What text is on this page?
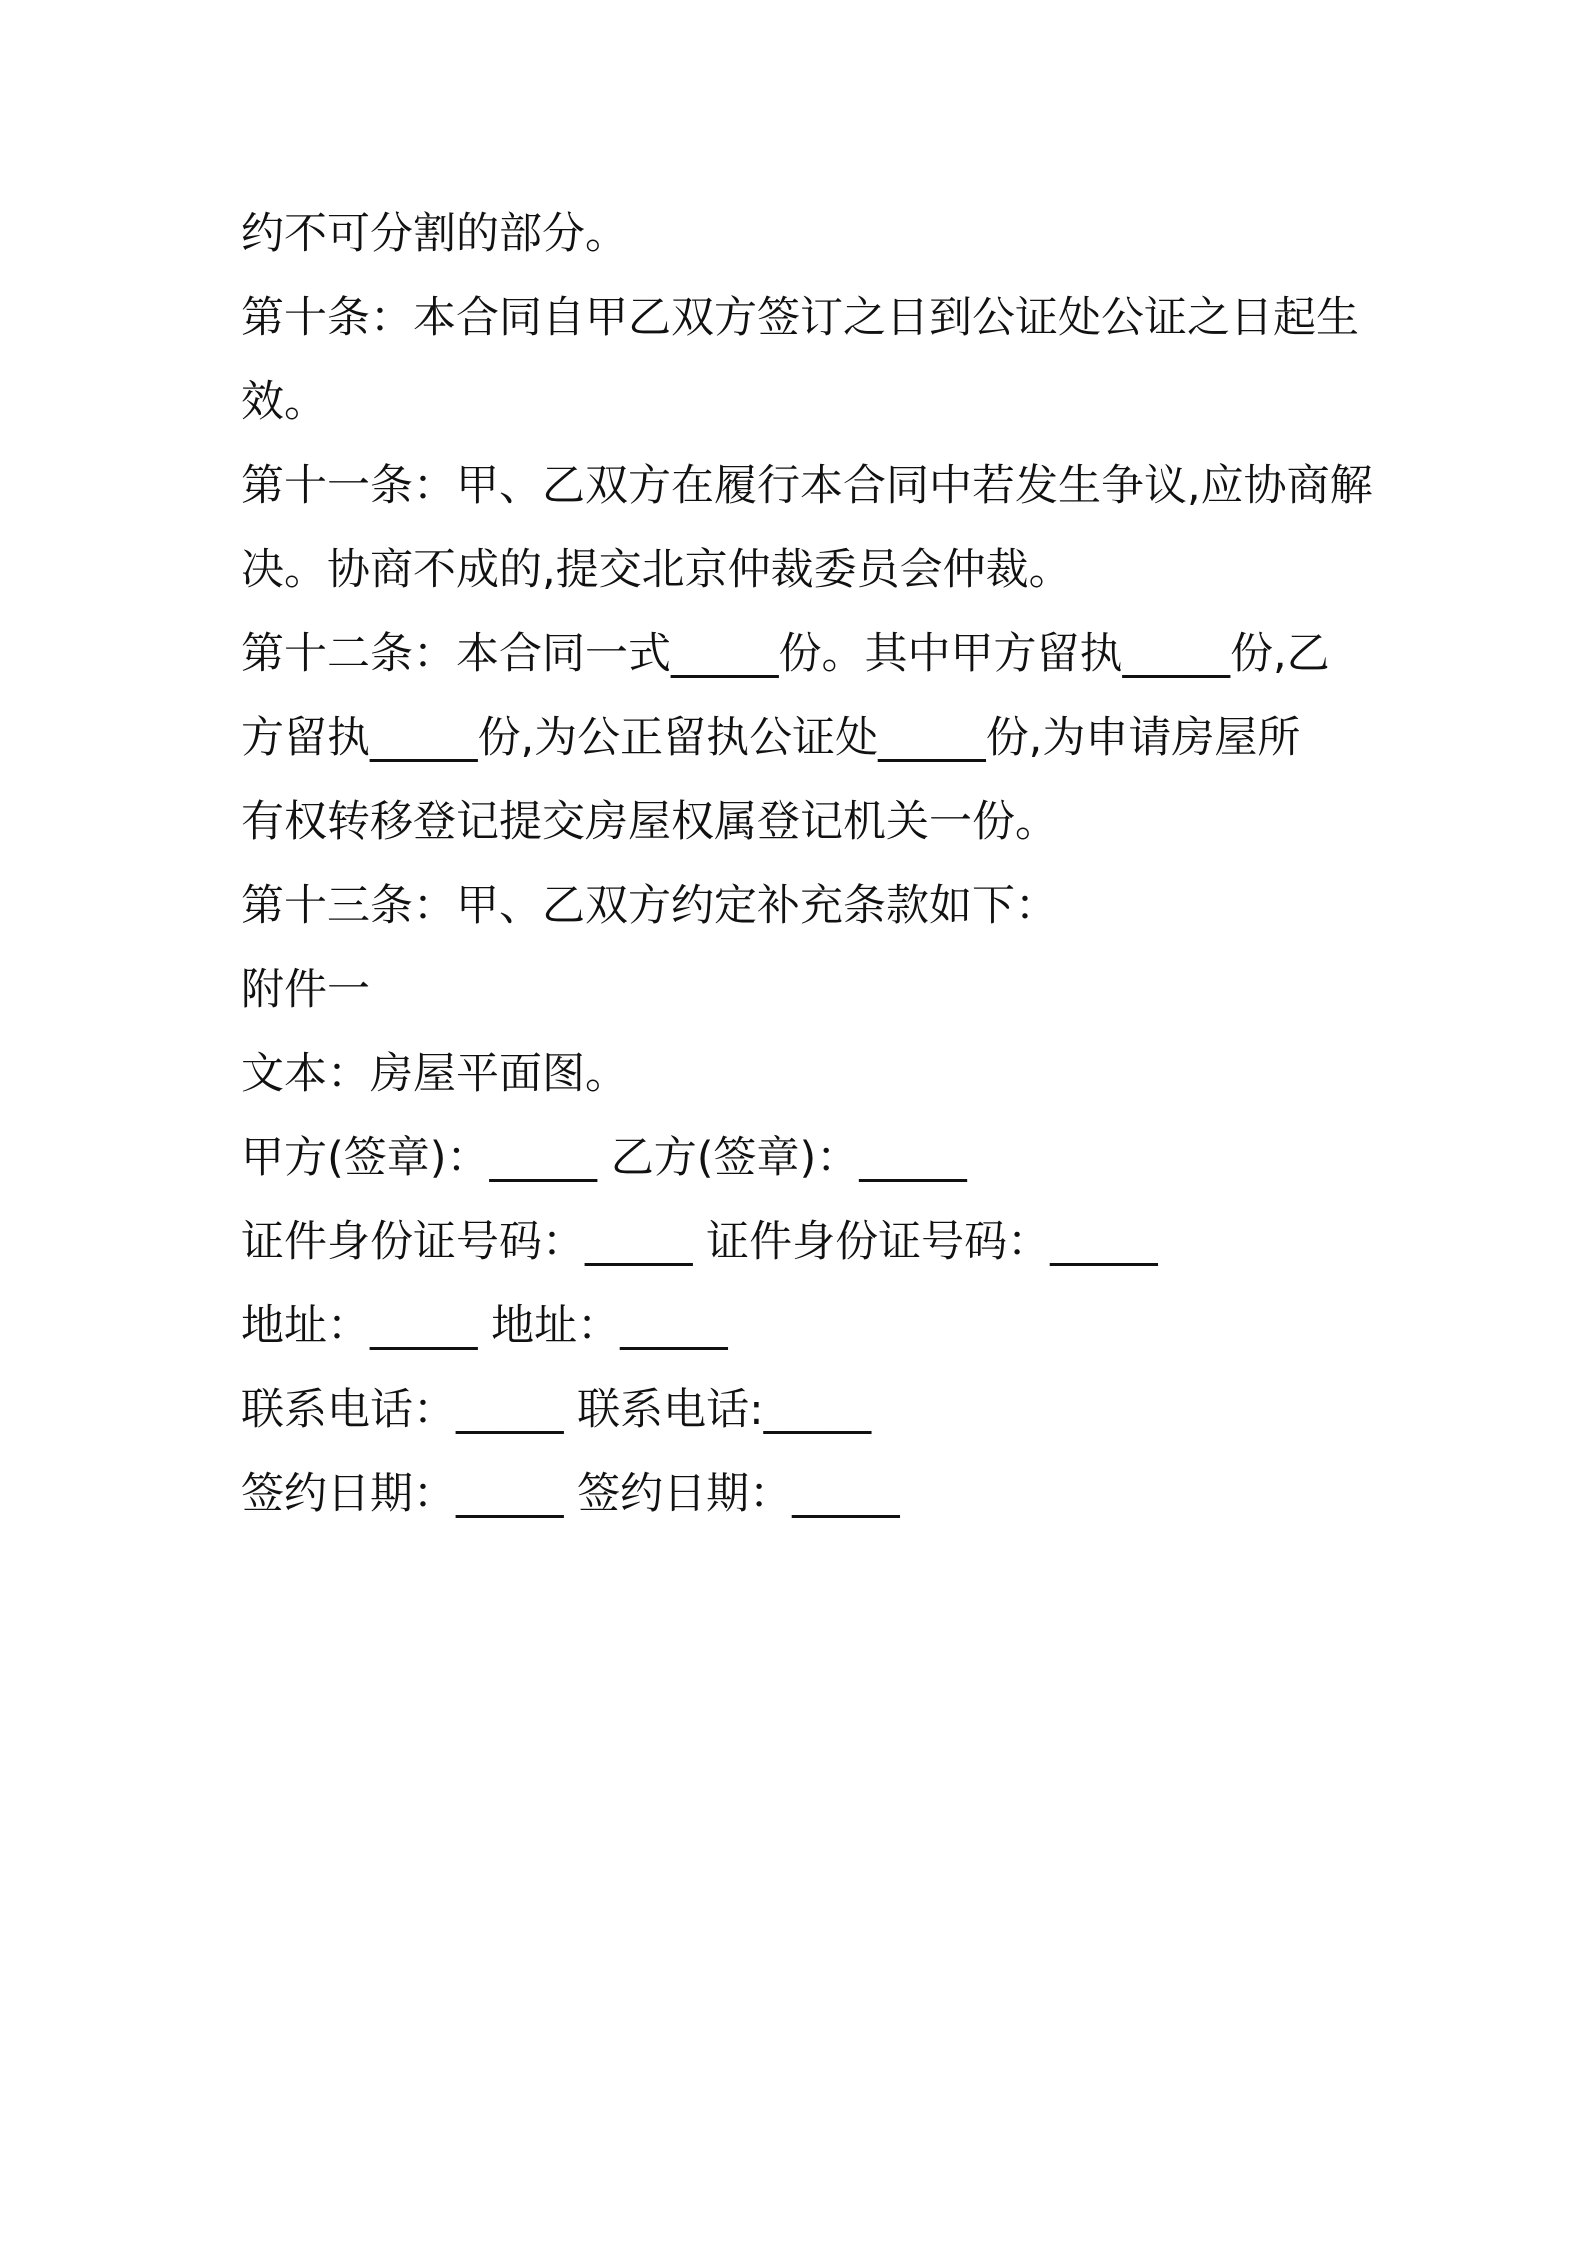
约不可分割的部分。
第十条：本合同自甲乙双方签订之日到公证处公证之日起生
效。
第十一条：甲、乙双方在履行本合同中若发生争议,应协商解
决。协商不成的,提交北京仲裁委员会仲裁。
第十二条：本合同一式_____份。其中甲方留执_____份,乙
方留执_____份,为公正留执公证处_____份,为申请房屋所
有权转移登记提交房屋权属登记机关一份。
第十三条：甲、乙双方约定补充条款如下：
附件一
文本：房屋平面图。
甲方(签章)：_____ 乙方(签章)：_____
证件身份证号码：_____ 证件身份证号码：_____
地址：_____ 地址：_____
联系电话：_____ 联系电话:_____
签约日期：_____ 签约日期：_____
